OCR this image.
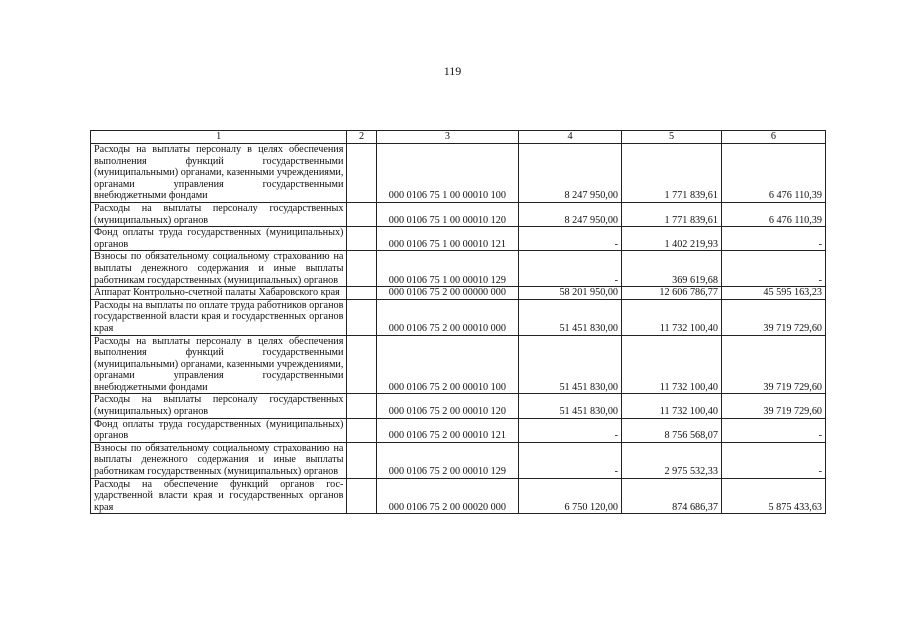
119
1	2	3	4	5	6
Расходы на выплаты персоналу в целях обеспечения выполнения функций государственными (муниципальными) органами, казенными учреждениями, органами управления государственными внебюджетными фондами		000 0106 75 1 00 00010 100	8 247 950,00	1 771 839,61	6 476 110,39
Расходы на выплаты персоналу государственных (муниципальных) органов		000 0106 75 1 00 00010 120	8 247 950,00	1 771 839,61	6 476 110,39
Фонд оплаты труда государственных (муниципальных) органов		000 0106 75 1 00 00010 121	-	1 402 219,93	-
Взносы по обязательному социальному страхованию на выплаты денежного содержания и иные выплаты работникам государственных (муниципальных) органов		000 0106 75 1 00 00010 129	-	369 619,68	-
Аппарат Контрольно-счетной палаты Хабаровского края		000 0106 75 2 00 00000 000	58 201 950,00	12 606 786,77	45 595 163,23
Расходы на выплаты по оплате труда работников органов государственной власти края и государственных органов края		000 0106 75 2 00 00010 000	51 451 830,00	11 732 100,40	39 719 729,60
Расходы на выплаты персоналу в целях обеспечения выполнения функций государственными (муниципальными) органами, казенными учреждениями, органами управления государственными внебюджетными фондами		000 0106 75 2 00 00010 100	51 451 830,00	11 732 100,40	39 719 729,60
Расходы на выплаты персоналу государственных (муниципальных) органов		000 0106 75 2 00 00010 120	51 451 830,00	11 732 100,40	39 719 729,60
Фонд оплаты труда государственных (муниципальных) органов		000 0106 75 2 00 00010 121	-	8 756 568,07	-
Взносы по обязательному социальному страхованию на выплаты денежного содержания и иные выплаты работникам государственных (муниципальных) органов		000 0106 75 2 00 00010 129	-	2 975 532,33	-
Расходы на обеспечение функций органов государственной власти края и государственных органов края		000 0106 75 2 00 00020 000	6 750 120,00	874 686,37	5 875 433,63
